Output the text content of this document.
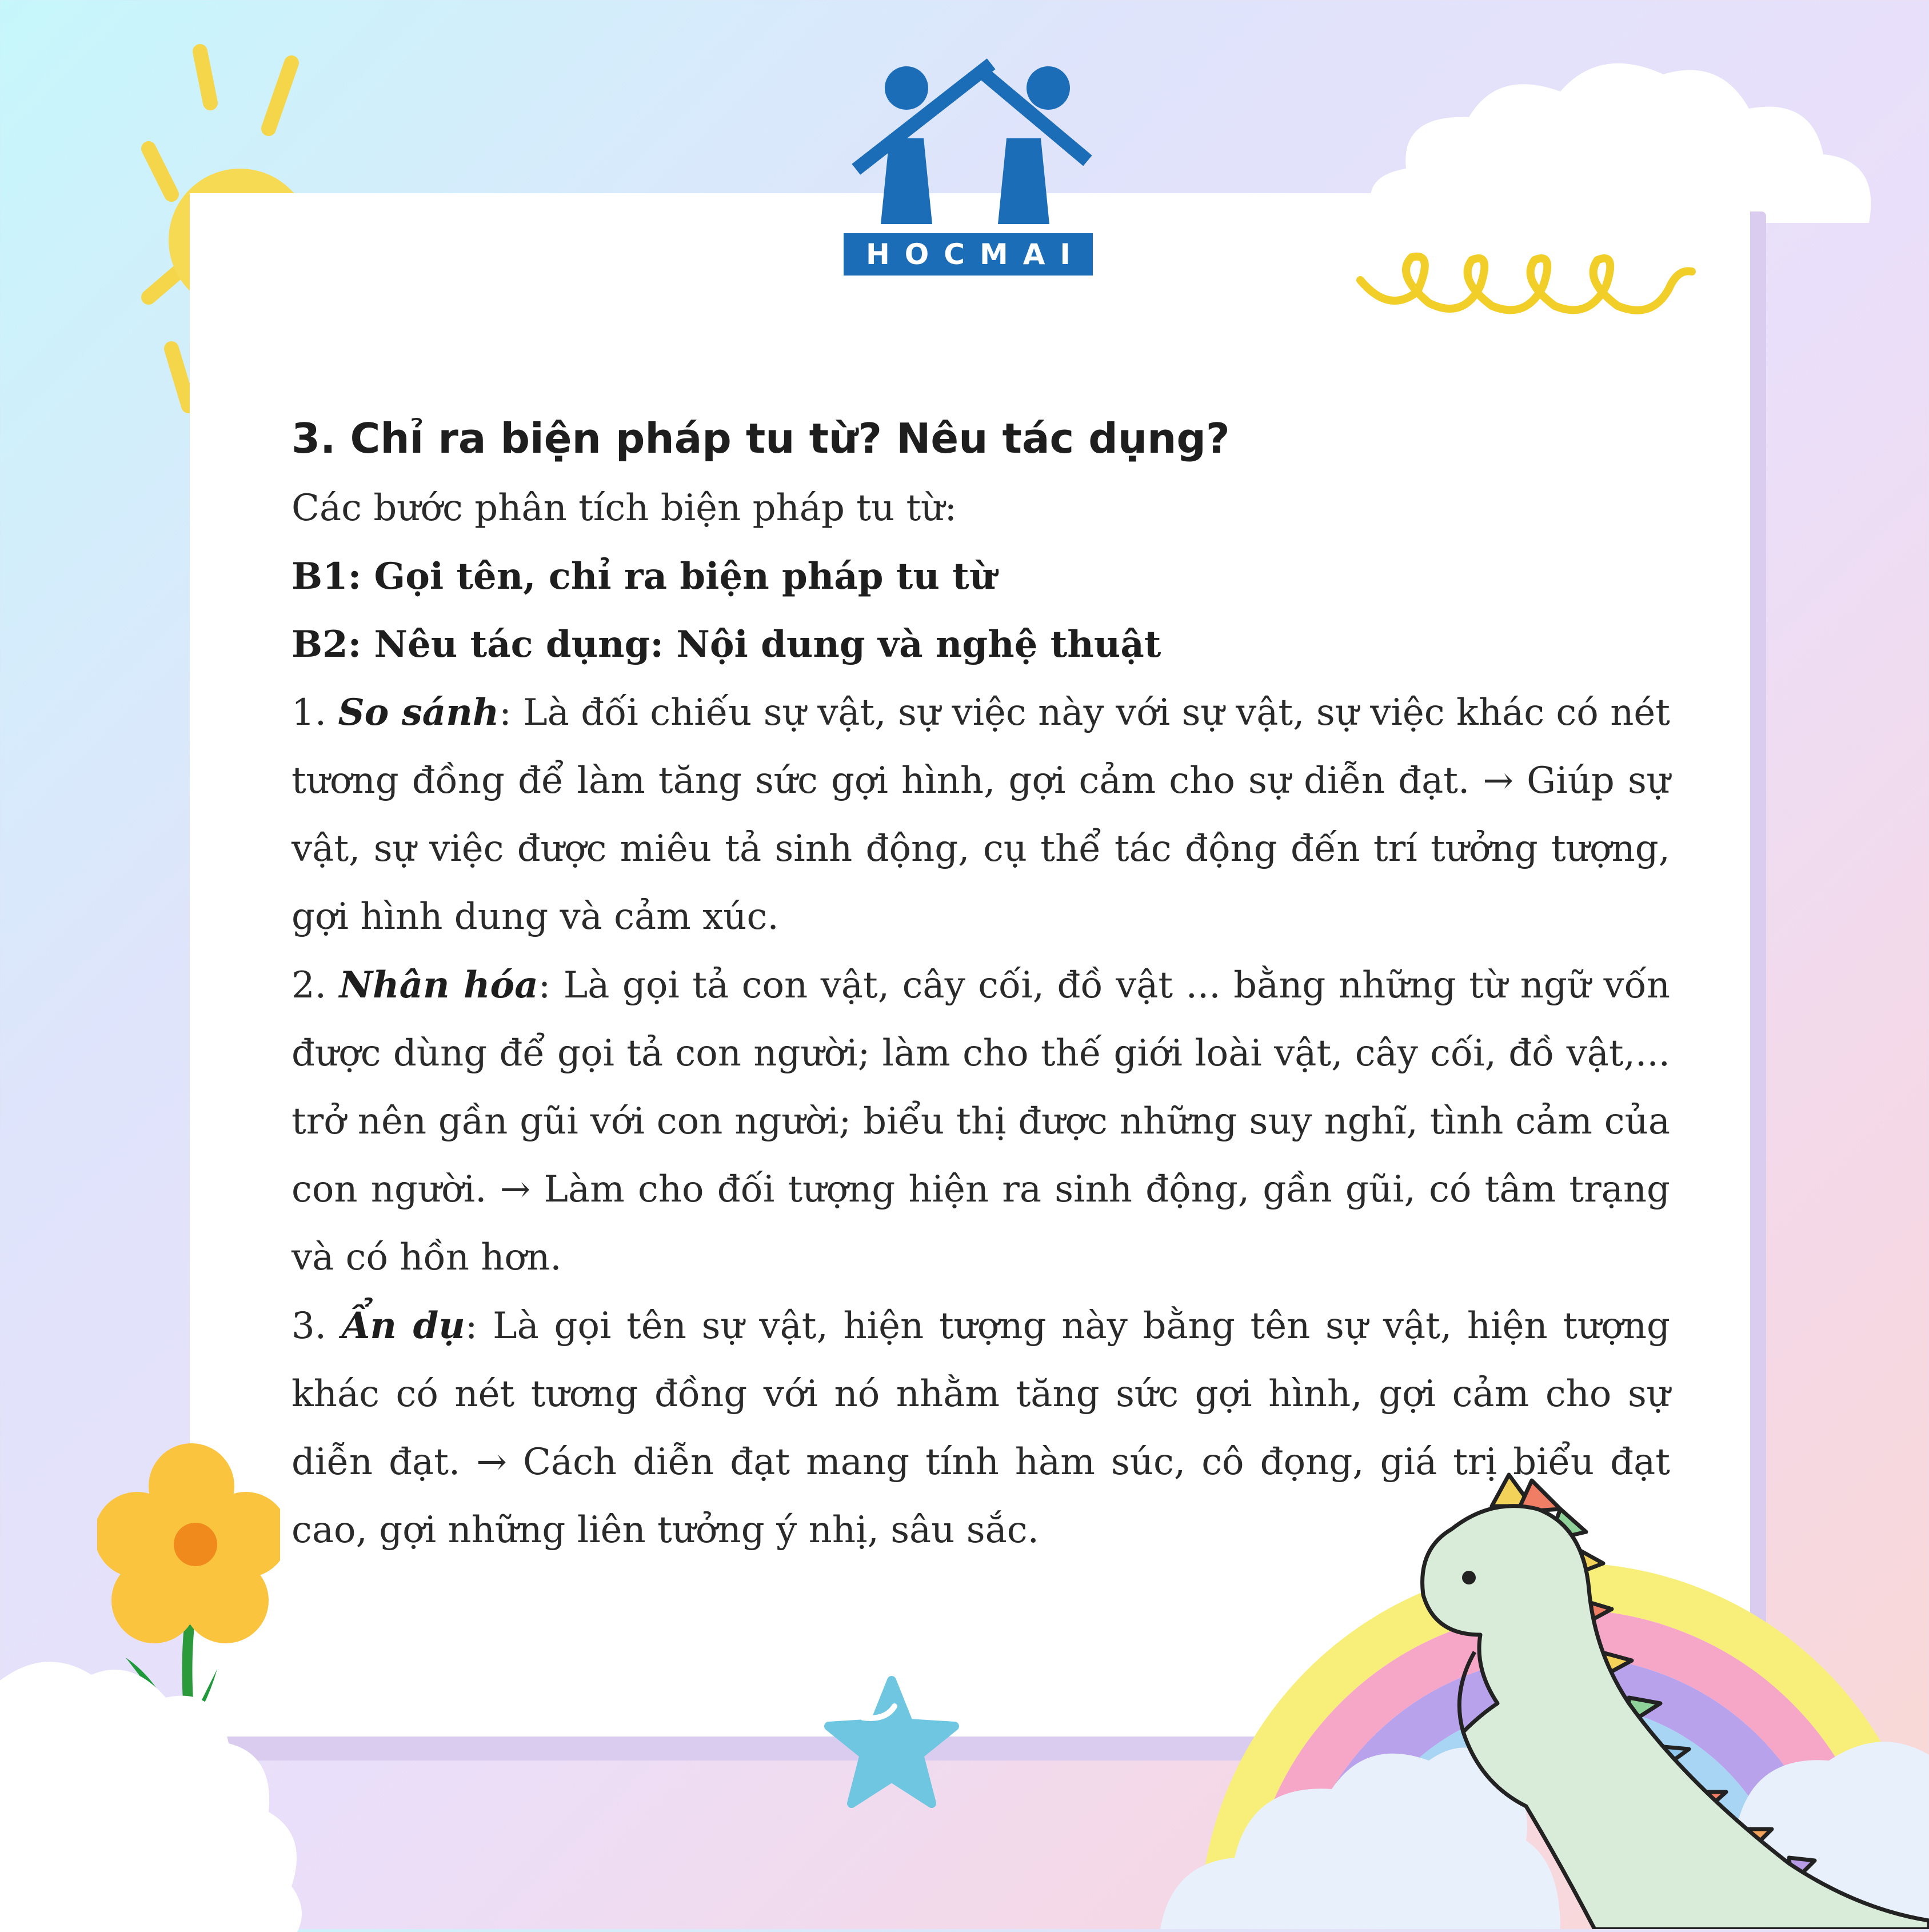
HOCMAI
3. Chỉ ra biện pháp tu từ? Nêu tác dụng?

Các bước phân tích biện pháp tu từ:

B1: Gọi tên, chỉ ra biện pháp tu từ

B2: Nêu tác dụng: Nội dung và nghệ thuật

1. So sánh: Là đối chiếu sự vật, sự việc này với sự vật, sự việc khác có nét tương đồng để làm tăng sức gợi hình, gợi cảm cho sự diễn đạt. → Giúp sự vật, sự việc được miêu tả sinh động, cụ thể tác động đến trí tưởng tượng, gợi hình dung và cảm xúc.

2. Nhân hóa: Là gọi tả con vật, cây cối, đồ vật ... bằng những từ ngữ vốn được dùng để gọi tả con người; làm cho thế giới loài vật, cây cối, đồ vật,... trở nên gần gũi với con người; biểu thị được những suy nghĩ, tình cảm của con người. → Làm cho đối tượng hiện ra sinh động, gần gũi, có tâm trạng và có hồn hơn.

3. Ẩn dụ: Là gọi tên sự vật, hiện tượng này bằng tên sự vật, hiện tượng khác có nét tương đồng với nó nhằm tăng sức gợi hình, gợi cảm cho sự diễn đạt. → Cách diễn đạt mang tính hàm súc, cô đọng, giá trị biểu đạt cao, gợi những liên tưởng ý nhị, sâu sắc.
